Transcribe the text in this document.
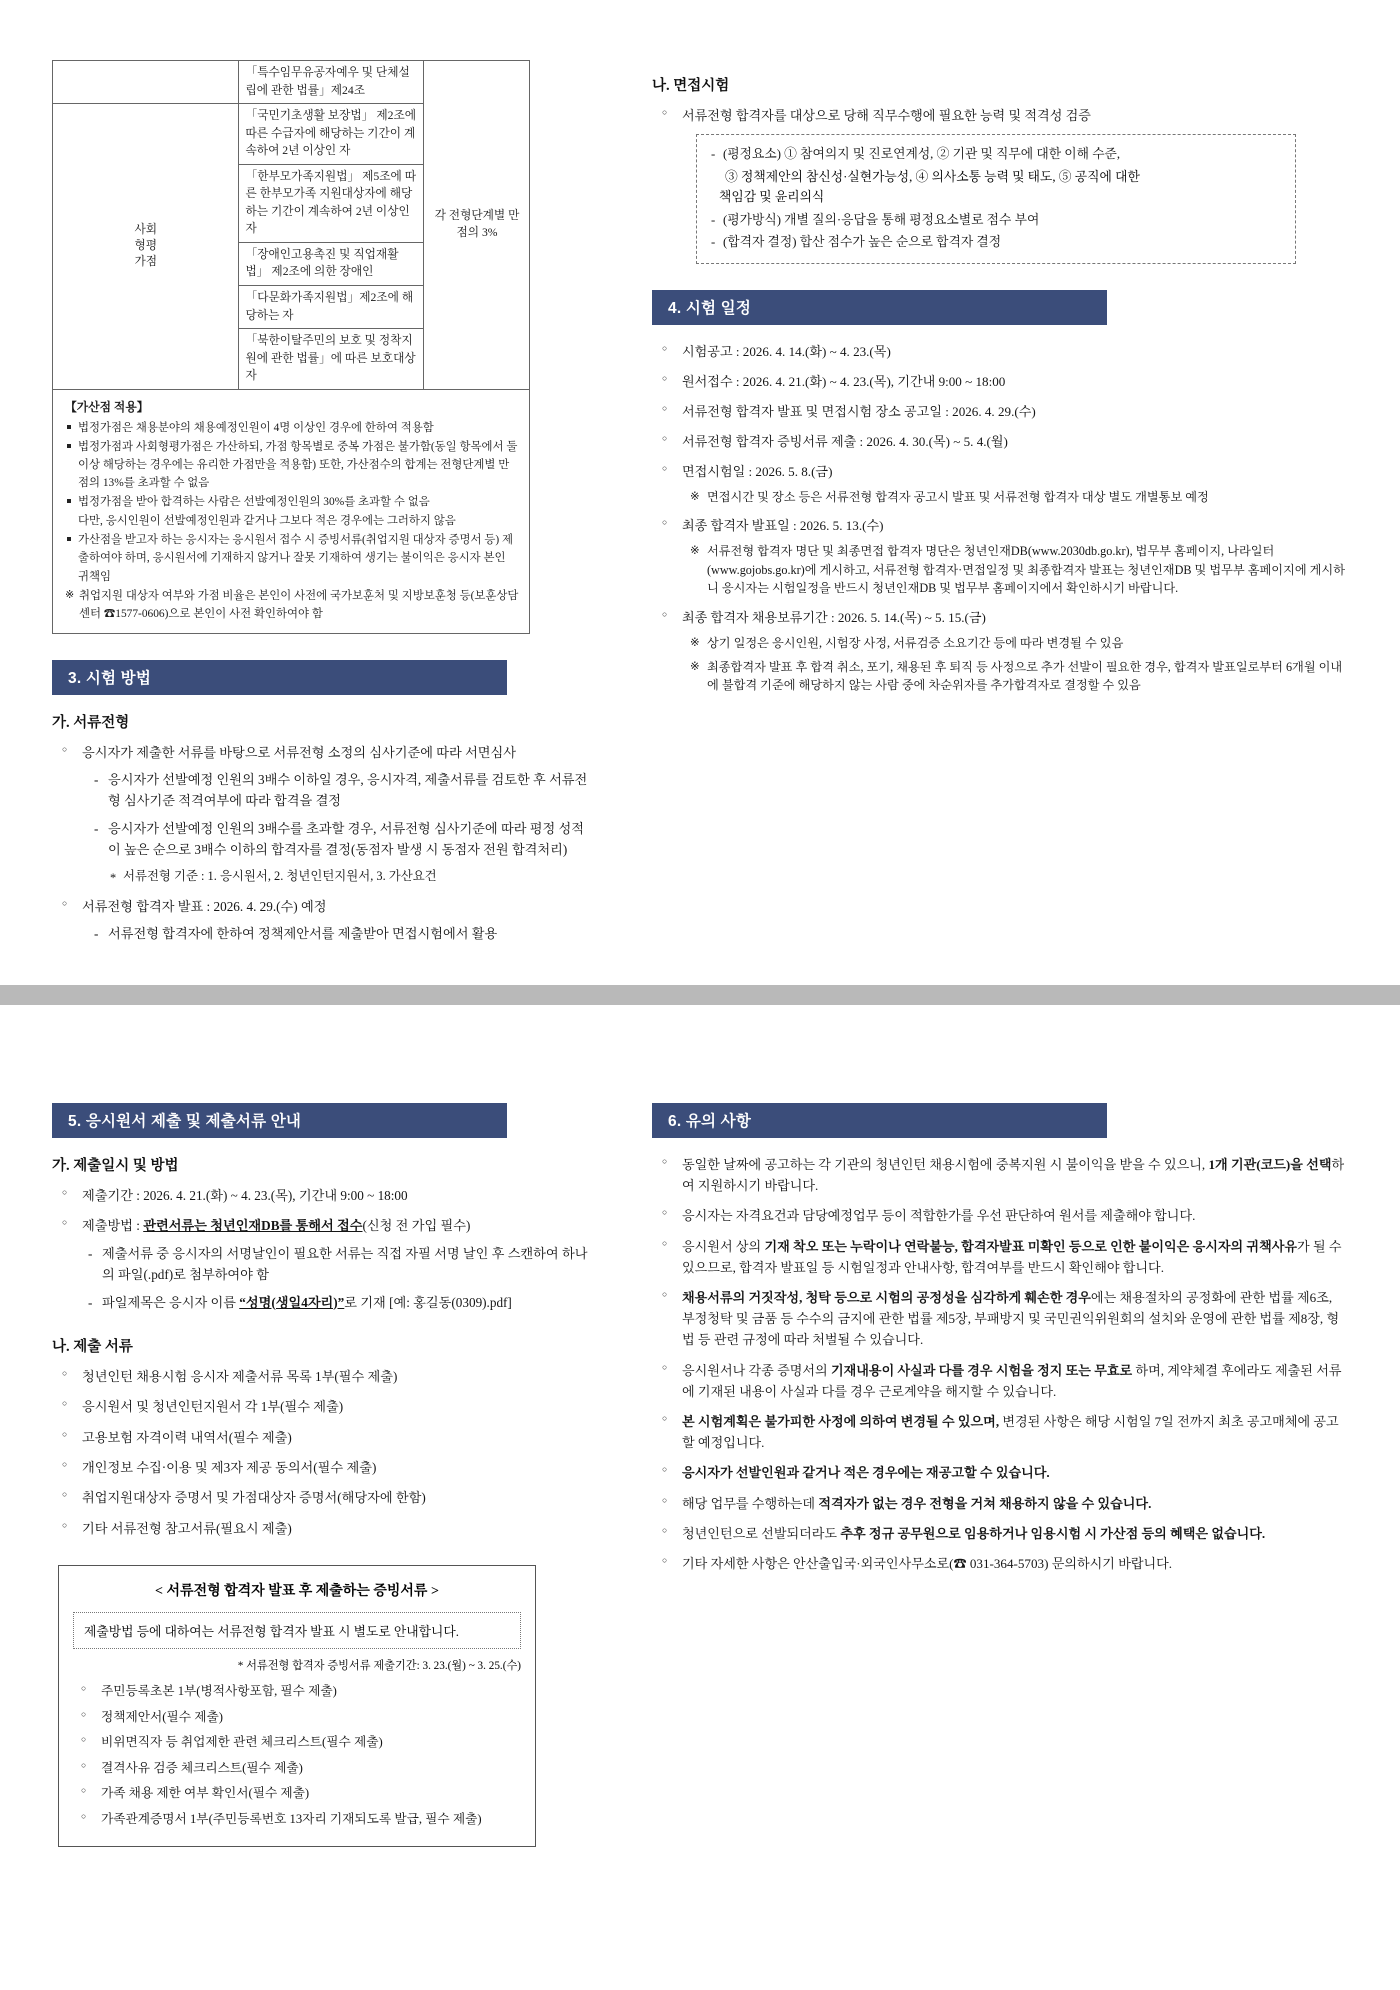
	「특수임무유공자예우 및 단체설립에 관한 법률」제24조	각 전형단계별 만점의 3%
사회
형평
가점	「국민기초생활 보장법」 제2조에 따른 수급자에 해당하는 기간이 계속하여 2년 이상인 자	
	「한부모가족지원법」 제5조에 따른 한부모가족 지원대상자에 해당하는 기간이 계속하여 2년 이상인 자	
	「장애인고용촉진 및 직업재활법」 제2조에 의한 장애인	
	「다문화가족지원법」제2조에 해당하는 자	
	「북한이탈주민의 보호 및 정착지원에 관한 법률」에 따른 보호대상자	
【가산점 적용】
법정가점은 채용분야의 채용예정인원이 4명 이상인 경우에 한하여 적용함
법정가점과 사회형평가점은 가산하되, 가점 항목별로 중복 가점은 불가함(동일 항목에서 둘 이상 해당하는 경우에는 유리한 가점만을 적용함) 또한, 가산점수의 합계는 전형단계별 만점의 13%를 초과할 수 없음
법정가점을 받아 합격하는 사람은 선발예정인원의 30%를 초과할 수 없음
다만, 응시인원이 선발예정인원과 같거나 그보다 적은 경우에는 그러하지 않음
가산점을 받고자 하는 응시자는 응시원서 접수 시 증빙서류(취업지원 대상자 증명서 등) 제출하여야 하며, 응시원서에 기재하지 않거나 잘못 기재하여 생기는 불이익은 응시자 본인 귀책임
※ 취업지원 대상자 여부와 가점 비율은 본인이 사전에 국가보훈처 및 지방보훈청 등(보훈상담센터 ☎1577-0606)으로 본인이 사전 확인하여야 함
3. 시험 방법
가. 서류전형
○ 응시자가 제출한 서류를 바탕으로 서류전형 소정의 심사기준에 따라 서면심사
- 응시자가 선발예정 인원의 3배수 이하일 경우, 응시자격, 제출서류를 검토한 후 서류전형 심사기준 적격여부에 따라 합격을 결정
- 응시자가 선발예정 인원의 3배수를 초과할 경우, 서류전형 심사기준에 따라 평정 성적이 높은 순으로 3배수 이하의 합격자를 결정(동점자 발생 시 동점자 전원 합격처리)
* 서류전형 기준 : 1. 응시원서, 2. 청년인턴지원서, 3. 가산요건
○ 서류전형 합격자 발표 : 2026. 4. 29.(수) 예정
- 서류전형 합격자에 한하여 정책제안서를 제출받아 면접시험에서 활용
나. 면접시험
○ 서류전형 합격자를 대상으로 당해 직무수행에 필요한 능력 및 적격성 검증
- (평정요소) ① 참여의지 및 진로연계성, ② 기관 및 직무에 대한 이해 수준,
③ 정책제안의 참신성·실현가능성, ④ 의사소통 능력 및 태도, ⑤ 공직에 대한
책임감 및 윤리의식
- (평가방식) 개별 질의·응답을 통해 평정요소별로 점수 부여
- (합격자 결정) 합산 점수가 높은 순으로 합격자 결정
4. 시험 일정
○ 시험공고 : 2026. 4. 14.(화) ~ 4. 23.(목)
○ 원서접수 : 2026. 4. 21.(화) ~ 4. 23.(목), 기간내 9:00 ~ 18:00
○ 서류전형 합격자 발표 및 면접시험 장소 공고일 : 2026. 4. 29.(수)
○ 서류전형 합격자 증빙서류 제출 : 2026. 4. 30.(목) ~ 5. 4.(월)
○ 면접시험일 : 2026. 5. 8.(금)
※ 면접시간 및 장소 등은 서류전형 합격자 공고시 발표 및 서류전형 합격자 대상 별도 개별통보 예정
○ 최종 합격자 발표일 : 2026. 5. 13.(수)
※ 서류전형 합격자 명단 및 최종면접 합격자 명단은 청년인재DB(www.2030db.go.kr), 법무부 홈페이지, 나라일터(www.gojobs.go.kr)에 게시하고, 서류전형 합격자·면접일정 및 최종합격자 발표는 청년인재DB 및 법무부 홈페이지에 게시하니 응시자는 시험일정을 반드시 청년인재DB 및 법무부 홈페이지에서 확인하시기 바랍니다.
○ 최종 합격자 채용보류기간 : 2026. 5. 14.(목) ~ 5. 15.(금)
※ 상기 일정은 응시인원, 시험장 사정, 서류검증 소요기간 등에 따라 변경될 수 있음
※ 최종합격자 발표 후 합격 취소, 포기, 채용된 후 퇴직 등 사정으로 추가 선발이 필요한 경우, 합격자 발표일로부터 6개월 이내에 불합격 기준에 해당하지 않는 사람 중에 차순위자를 추가합격자로 결정할 수 있음
5. 응시원서 제출 및 제출서류 안내
가. 제출일시 및 방법
○ 제출기간 : 2026. 4. 21.(화) ~ 4. 23.(목), 기간내 9:00 ~ 18:00
○ 제출방법 : 관련서류는 청년인재DB를 통해서 접수(신청 전 가입 필수)
- 제출서류 중 응시자의 서명날인이 필요한 서류는 직접 자필 서명 날인 후 스캔하여 하나의 파일(.pdf)로 첨부하여야 함
- 파일제목은 응시자 이름 “성명(생일4자리)”로 기재 [예: 홍길동(0309).pdf]
나. 제출 서류
○ 청년인턴 채용시험 응시자 제출서류 목록 1부(필수 제출)
○ 응시원서 및 청년인턴지원서 각 1부(필수 제출)
○ 고용보험 자격이력 내역서(필수 제출)
○ 개인정보 수집·이용 및 제3자 제공 동의서(필수 제출)
○ 취업지원대상자 증명서 및 가점대상자 증명서(해당자에 한함)
○ 기타 서류전형 참고서류(필요시 제출)
< 서류전형 합격자 발표 후 제출하는 증빙서류 >
제출방법 등에 대하여는 서류전형 합격자 발표 시 별도로 안내합니다.
* 서류전형 합격자 증빙서류 제출기간: 3. 23.(월) ~ 3. 25.(수)
○ 주민등록초본 1부(병적사항포함, 필수 제출)
○ 정책제안서(필수 제출)
○ 비위면직자 등 취업제한 관련 체크리스트(필수 제출)
○ 결격사유 검증 체크리스트(필수 제출)
○ 가족 채용 제한 여부 확인서(필수 제출)
○ 가족관계증명서 1부(주민등록번호 13자리 기재되도록 발급, 필수 제출)
6. 유의 사항
○ 동일한 날짜에 공고하는 각 기관의 청년인턴 채용시험에 중복지원 시 불이익을 받을 수 있으니, 1개 기관(코드)을 선택하여 지원하시기 바랍니다.
○ 응시자는 자격요건과 담당예정업무 등이 적합한가를 우선 판단하여 원서를 제출해야 합니다.
○ 응시원서 상의 기재 착오 또는 누락이나 연락불능, 합격자발표 미확인 등으로 인한 불이익은 응시자의 귀책사유가 될 수 있으므로, 합격자 발표일 등 시험일정과 안내사항, 합격여부를 반드시 확인해야 합니다.
○ 채용서류의 거짓작성, 청탁 등으로 시험의 공정성을 심각하게 훼손한 경우에는 채용절차의 공정화에 관한 법률 제6조, 부정청탁 및 금품 등 수수의 금지에 관한 법률 제5장, 부패방지 및 국민권익위원회의 설치와 운영에 관한 법률 제8장, 형법 등 관련 규정에 따라 처벌될 수 있습니다.
○ 응시원서나 각종 증명서의 기재내용이 사실과 다를 경우 시험을 정지 또는 무효로 하며, 계약체결 후에라도 제출된 서류에 기재된 내용이 사실과 다를 경우 근로계약을 해지할 수 있습니다.
○ 본 시험계획은 불가피한 사정에 의하여 변경될 수 있으며, 변경된 사항은 해당 시험일 7일 전까지 최초 공고매체에 공고할 예정입니다.
○ 응시자가 선발인원과 같거나 적은 경우에는 재공고할 수 있습니다.
○ 해당 업무를 수행하는데 적격자가 없는 경우 전형을 거쳐 채용하지 않을 수 있습니다.
○ 청년인턴으로 선발되더라도 추후 정규 공무원으로 임용하거나 임용시험 시 가산점 등의 혜택은 없습니다.
○ 기타 자세한 사항은 안산출입국·외국인사무소로(☎ 031-364-5703) 문의하시기 바랍니다.
